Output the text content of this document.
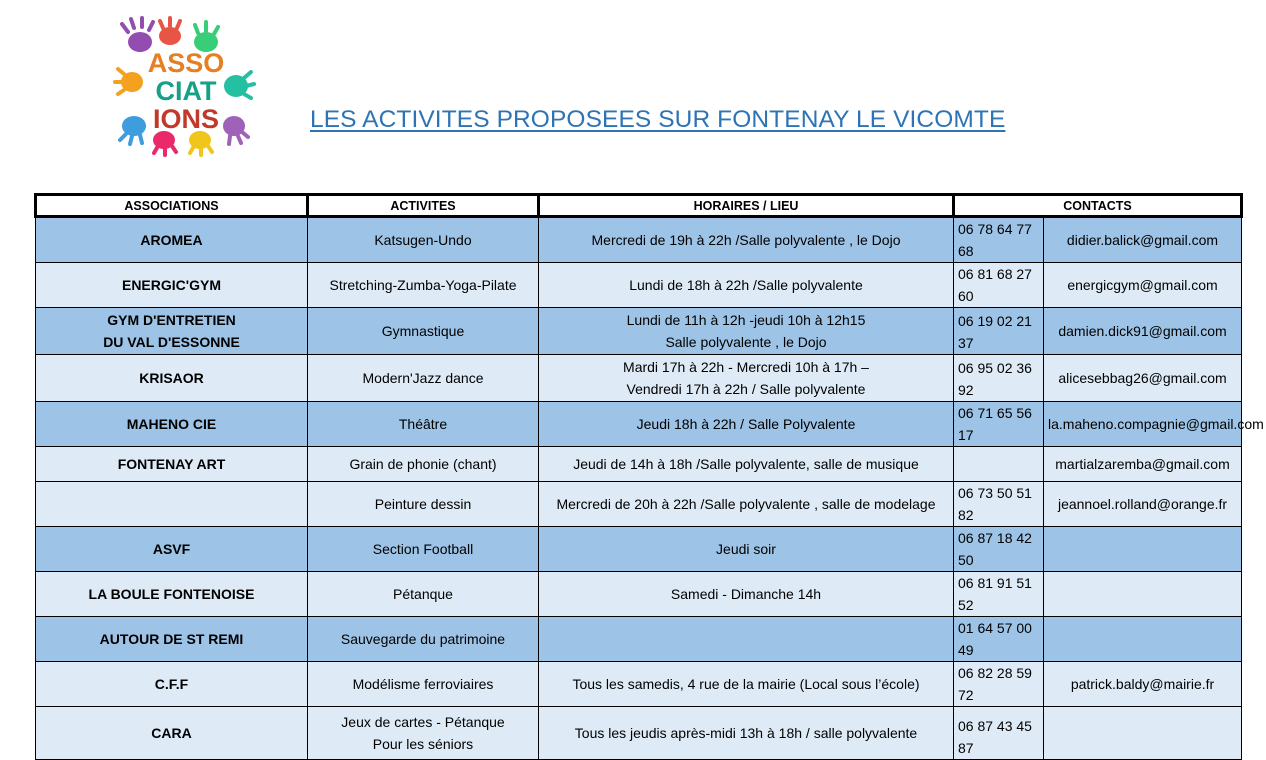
ASSO
CIAT
IONS	LES ACTIVITES PROPOSEES SUR FONTENAY LE VICOMTE
ASSOCIATIONS	ACTIVITES	HORAIRES / LIEU	CONTACTS	

AROMEA	Katsugen-Undo	Mercredi de 19h à 22h /Salle polyvalente , le Dojo	06 78 64 77 68	didier.balick@gmail.com

ENERGIC'GYM	Stretching-Zumba-Yoga-Pilate	Lundi de 18h à 22h /Salle polyvalente	06 81 68 27 60	energicgym@gmail.com

GYM D'ENTRETIEN
DU VAL D'ESSONNE	Gymnastique	Lundi de 11h à 12h -jeudi 10h à 12h15
Salle polyvalente , le Dojo	06 19 02 21 37	damien.dick91@gmail.com

KRISAOR	Modern'Jazz dance	Mardi 17h à 22h - Mercredi 10h à 17h –
Vendredi 17h à 22h / Salle polyvalente	06 95 02 36 92	alicesebbag26@gmail.com

MAHENO CIE	Théâtre	Jeudi 18h à 22h / Salle Polyvalente	06 71 65 56 17	la.maheno.compagnie@gmail.com

FONTENAY ART	Grain de phonie (chant)	Jeudi de 14h à 18h /Salle polyvalente, salle de musique		martialzaremba@gmail.com

	Peinture dessin	Mercredi de 20h à 22h /Salle polyvalente , salle de modelage	06 73 50 51 82	jeannoel.rolland@orange.fr

ASVF	Section Football	Jeudi soir	06 87 18 42 50	

LA BOULE FONTENOISE	Pétanque	Samedi - Dimanche 14h	06 81 91 51 52	

AUTOUR DE ST REMI	Sauvegarde du patrimoine		01 64 57 00 49	

C.F.F	Modélisme ferroviaires	Tous les samedis, 4 rue de la mairie (Local sous l’école)	06 82 28 59 72	patrick.baldy@mairie.fr

CARA	Jeux de cartes - Pétanque
Pour les séniors	Tous les jeudis après-midi 13h à 18h / salle polyvalente	06 87 43 45 87	
